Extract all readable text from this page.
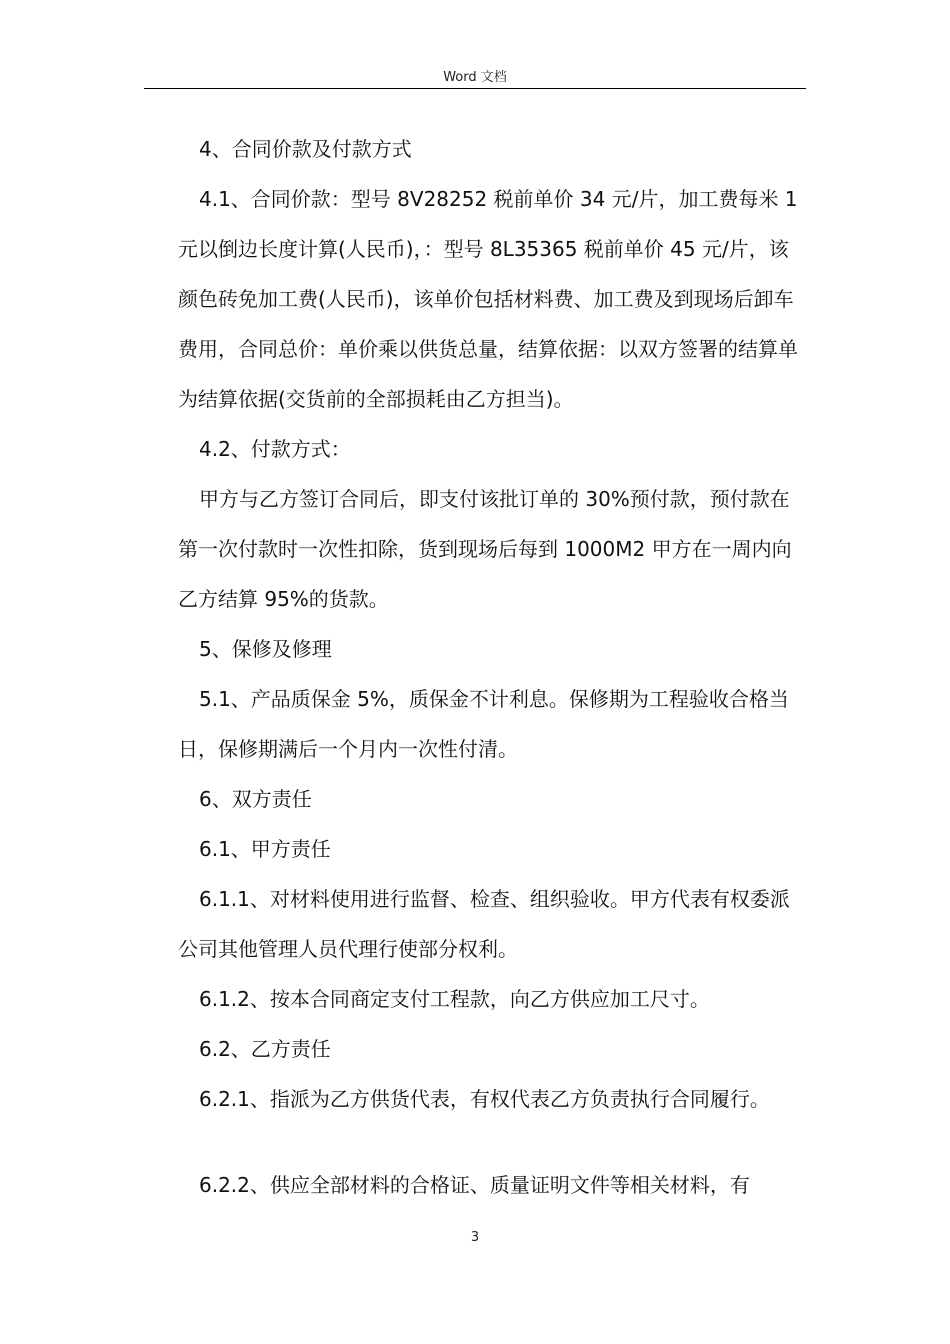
Word 文档

4、合同价款及付款方式

4.1、合同价款：型号 8V28252 税前单价 34 元/片，加工费每米 1 元以倒边长度计算(人民币)，：型号 8L35365 税前单价 45 元/片，该颜色砖免加工费(人民币)，该单价包括材料费、加工费及到现场后卸车费用，合同总价：单价乘以供货总量，结算依据：以双方签署的结算单为结算依据(交货前的全部损耗由乙方担当)。

4.2、付款方式：

甲方与乙方签订合同后，即支付该批订单的 30%预付款，预付款在第一次付款时一次性扣除，货到现场后每到 1000M2 甲方在一周内向乙方结算 95%的货款。

5、保修及修理

5.1、产品质保金 5%，质保金不计利息。保修期为工程验收合格当日，保修期满后一个月内一次性付清。

6、双方责任

6.1、甲方责任

6.1.1、对材料使用进行监督、检查、组织验收。甲方代表有权委派公司其他管理人员代理行使部分权利。

6.1.2、按本合同商定支付工程款，向乙方供应加工尺寸。

6.2、乙方责任

6.2.1、指派为乙方供货代表，有权代表乙方负责执行合同履行。

6.2.2、供应全部材料的合格证、质量证明文件等相关材料，有

3
